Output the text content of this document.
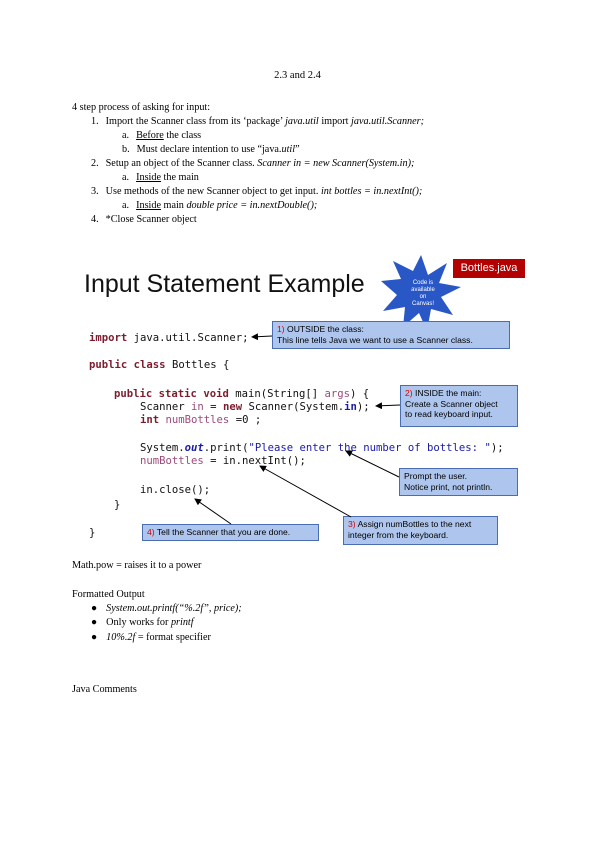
2.3 and 2.4
4 step process of asking for input:
1. Import the Scanner class from its ‘package’ java.util import java.util.Scanner;
a. Before the class
b. Must declare intention to use “java.util”
2. Setup an object of the Scanner class. Scanner in = new Scanner(System.in);
a. Inside the main
3. Use methods of the new Scanner object to get input. int bottles = in.nextInt();
a. Inside main double price = in.nextDouble();
4. *Close Scanner object
Input Statement Example	Code is
available
on
Canvas!
Bottles.java
import java.util.Scanner;
public class Bottles {
public static void main(String[] args) {
Scanner in = new Scanner(System.in);
int numBottles =0 ;
System.out.print("Please enter the number of bottles: ");
numBottles = in.nextInt();
in.close();
}
}
1) OUTSIDE the class:
This line tells Java we want to use a Scanner class.
2) INSIDE the main:
Create a Scanner object
to read keyboard input.
Prompt the user.
Notice print, not println.
3) Assign numBottles to the next
integer from the keyboard.
4) Tell the Scanner that you are done.
Math.pow = raises it to a power
Formatted Output
● System.out.printf(“%.2f”, price);
● Only works for printf
● 10%.2f = format specifier
Java Comments
